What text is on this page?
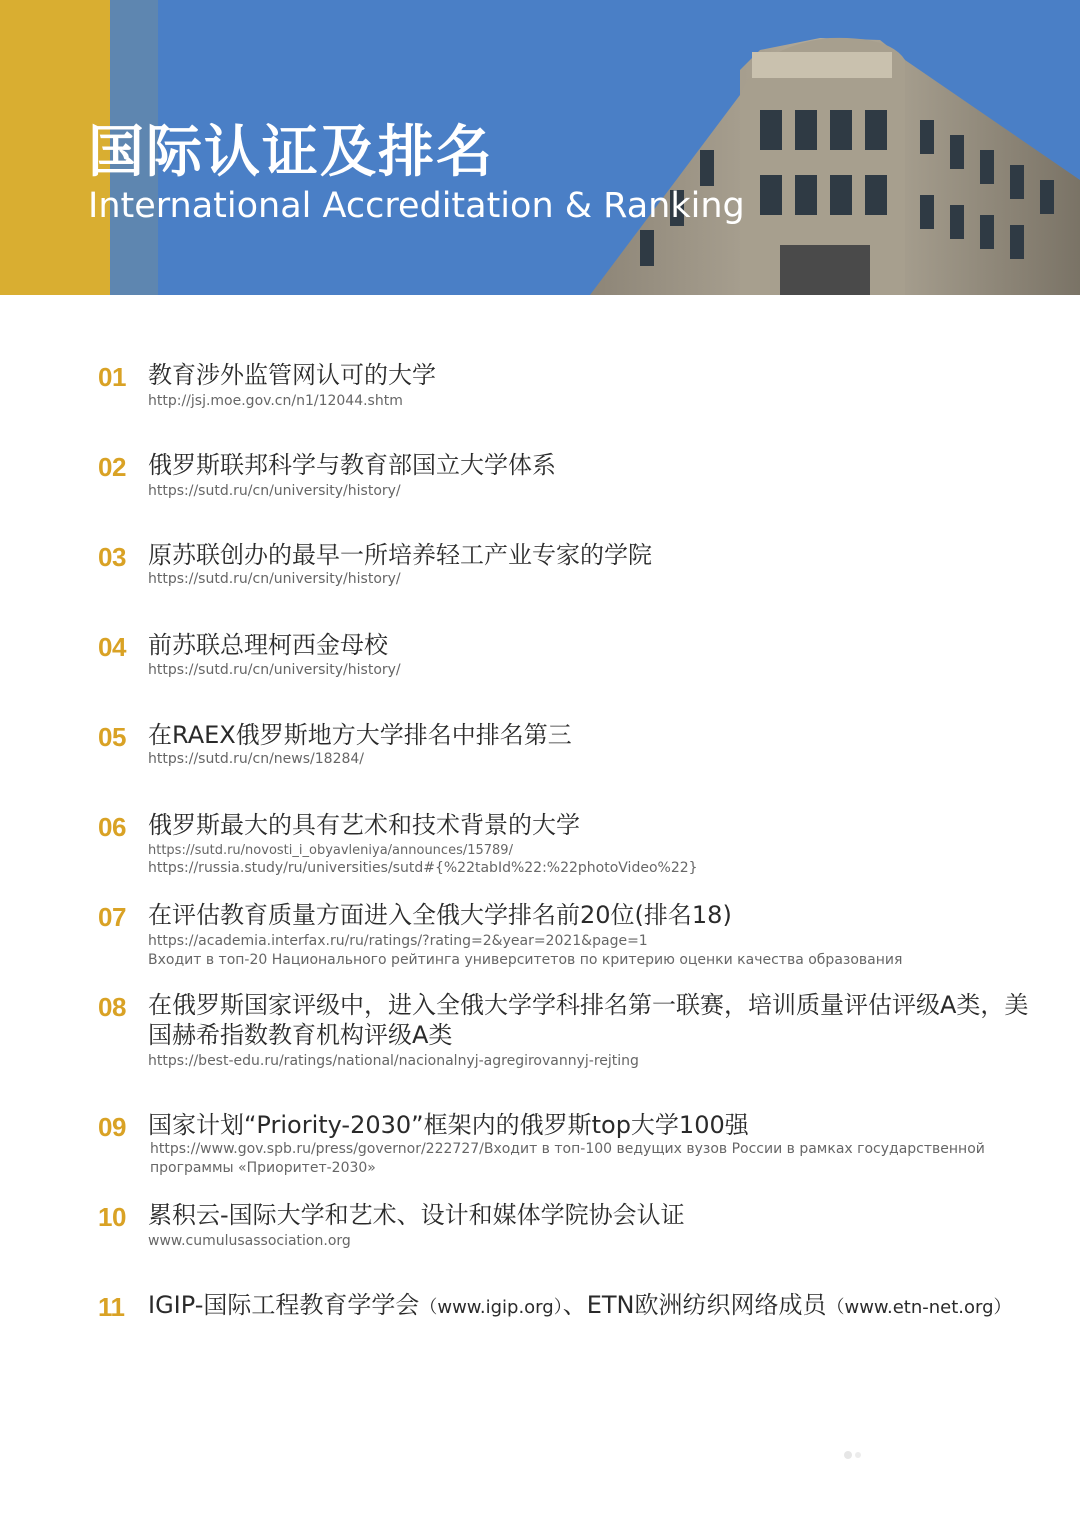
国际认证及排名
International Accreditation & Ranking
01 教育涉外监管网认可的大学
http://jsj.moe.gov.cn/n1/12044.shtm
02 俄罗斯联邦科学与教育部国立大学体系
https://sutd.ru/cn/university/history/
03 原苏联创办的最早一所培养轻工产业专家的学院
https://sutd.ru/cn/university/history/
04 前苏联总理柯西金母校
https://sutd.ru/cn/university/history/
05 在RAEX俄罗斯地方大学排名中排名第三
https://sutd.ru/cn/news/18284/
06 俄罗斯最大的具有艺术和技术背景的大学
https://sutd.ru/novosti_i_obyavleniya/announces/15789/
https://russia.study/ru/universities/sutd#{%22tabId%22:%22photoVideo%22}
07 在评估教育质量方面进入全俄大学排名前20位(排名18)
https://academia.interfax.ru/ru/ratings/?rating=2&year=2021&page=1
Входит в топ-20 Национального рейтинга университетов по критерию оценки качества образования
08 在俄罗斯国家评级中，进入全俄大学学科排名第一联赛，培训质量评估评级A类，美国赫希指数教育机构评级A类
https://best-edu.ru/ratings/national/nacionalnyj-agregirovannyj-rejting
09 国家计划“Priority-2030”框架内的俄罗斯top大学100强
https://www.gov.spb.ru/press/governor/222727/Входит в топ-100 ведущих вузов России в рамках государственной программы «Приоритет-2030»
10 累积云-国际大学和艺术、设计和媒体学院协会认证
www.cumulusassociation.org
11 IGIP-国际工程教育学学会（www.igip.org）、ETN欧洲纺织网络成员（www.etn-net.org）
